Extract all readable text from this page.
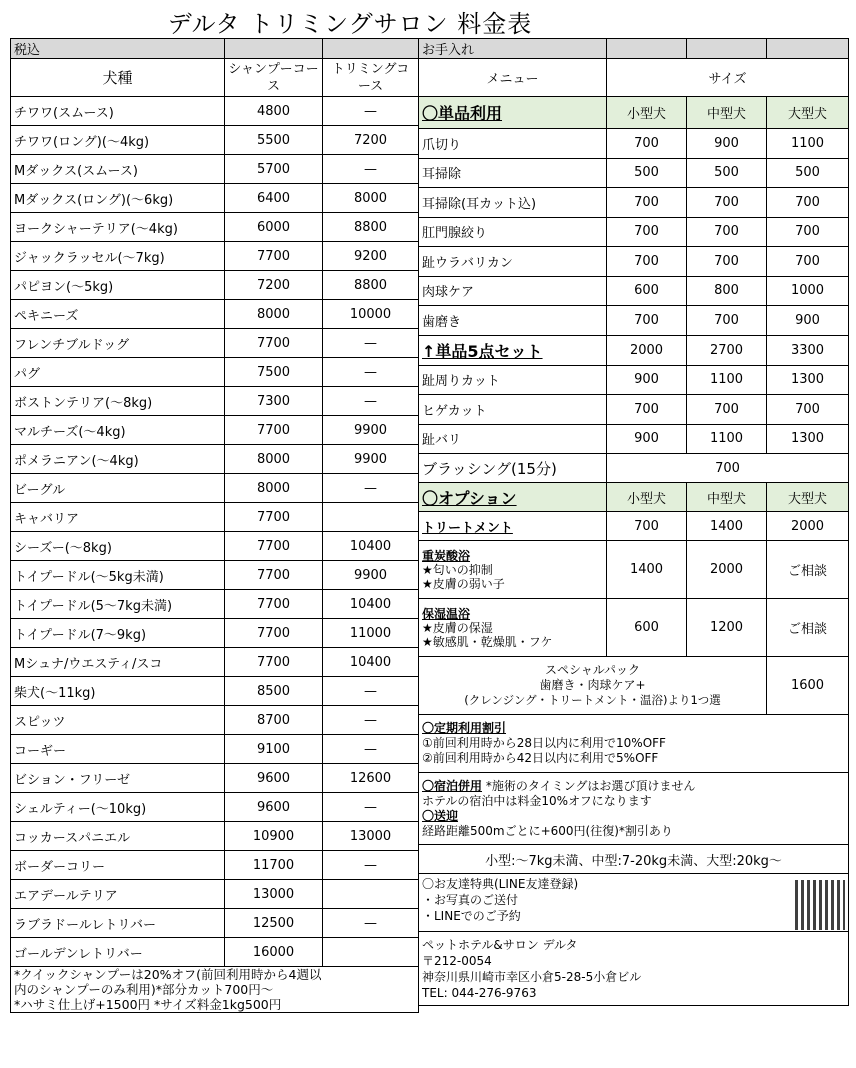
デルタ トリミングサロン 料金表
税込		
犬種	シャンプーコース	トリミングコース
チワワ(スムース)	4800	—
チワワ(ロング)(〜4kg)	5500	7200
Mダックス(スムース)	5700	—
Mダックス(ロング)(〜6kg)	6400	8000
ヨークシャーテリア(〜4kg)	6000	8800
ジャックラッセル(〜7kg)	7700	9200
パピヨン(〜5kg)	7200	8800
ペキニーズ	8000	10000
フレンチブルドッグ	7700	—
パグ	7500	—
ボストンテリア(〜8kg)	7300	—
マルチーズ(〜4kg)	7700	9900
ポメラニアン(〜4kg)	8000	9900
ビーグル	8000	—
キャバリア	7700	
シーズー(〜8kg)	7700	10400
トイプードル(〜5kg未満)	7700	9900
トイプードル(5〜7kg未満)	7700	10400
トイプードル(7〜9kg)	7700	11000
Mシュナ/ウエスティ/スコ	7700	10400
柴犬(〜11kg)	8500	—
スピッツ	8700	—
コーギー	9100	—
ビション・フリーゼ	9600	12600
シェルティー(〜10kg)	9600	—
コッカースパニエル	10900	13000
ボーダーコリー	11700	—
エアデールテリア	13000	
ラブラドールレトリバー	12500	—
ゴールデンレトリバー	16000	

*クイックシャンプーは20%オフ(前回利用時から4週以
内のシャンプーのみ利用)*部分カット700円〜
*ハサミ仕上げ+1500円 *サイズ料金1kg500円		
お手入れ			
メニュー	サイズ		
〇単品利用	小型犬	中型犬	大型犬
爪切り	700	900	1100
耳掃除	500	500	500
耳掃除(耳カット込)	700	700	700
肛門腺絞り	700	700	700
趾ウラバリカン	700	700	700
肉球ケア	600	800	1000
歯磨き	700	700	900
↑単品5点セット	2000	2700	3300
趾周りカット	900	1100	1300
ヒゲカット	700	700	700
趾バリ	900	1100	1300
ブラッシング(15分)	700		
〇オプション	小型犬	中型犬	大型犬
トリートメント	700	1400	2000

重炭酸浴
★匂いの抑制
★皮膚の弱い子	1400	2000	ご相談

保湿温浴
★皮膚の保湿
★敏感肌・乾燥肌・フケ	600	1200	ご相談

スペシャルパック
歯磨き・肉球ケア+
(クレンジング・トリートメント・温浴)より1つ選			1600

〇定期利用割引
①前回利用時から28日以内に利用で10%OFF
②前回利用時から42日以内に利用で5%OFF			

〇宿泊併用 *施術のタイミングはお選び頂けません
ホテルの宿泊中は料金10%オフになります
〇送迎
経路距離500mごとに+600円(往復)*割引あり			

小型:〜7kg未満、中型:7-20kg未満、大型:20kg〜			

〇お友達特典(LINE友達登録)
・お写真のご送付
・LINEでのご予約			

ペットホテル&サロン デルタ
〒212-0054
神奈川県川崎市幸区小倉5-28-5小倉ビル
TEL: 044-276-9763			
